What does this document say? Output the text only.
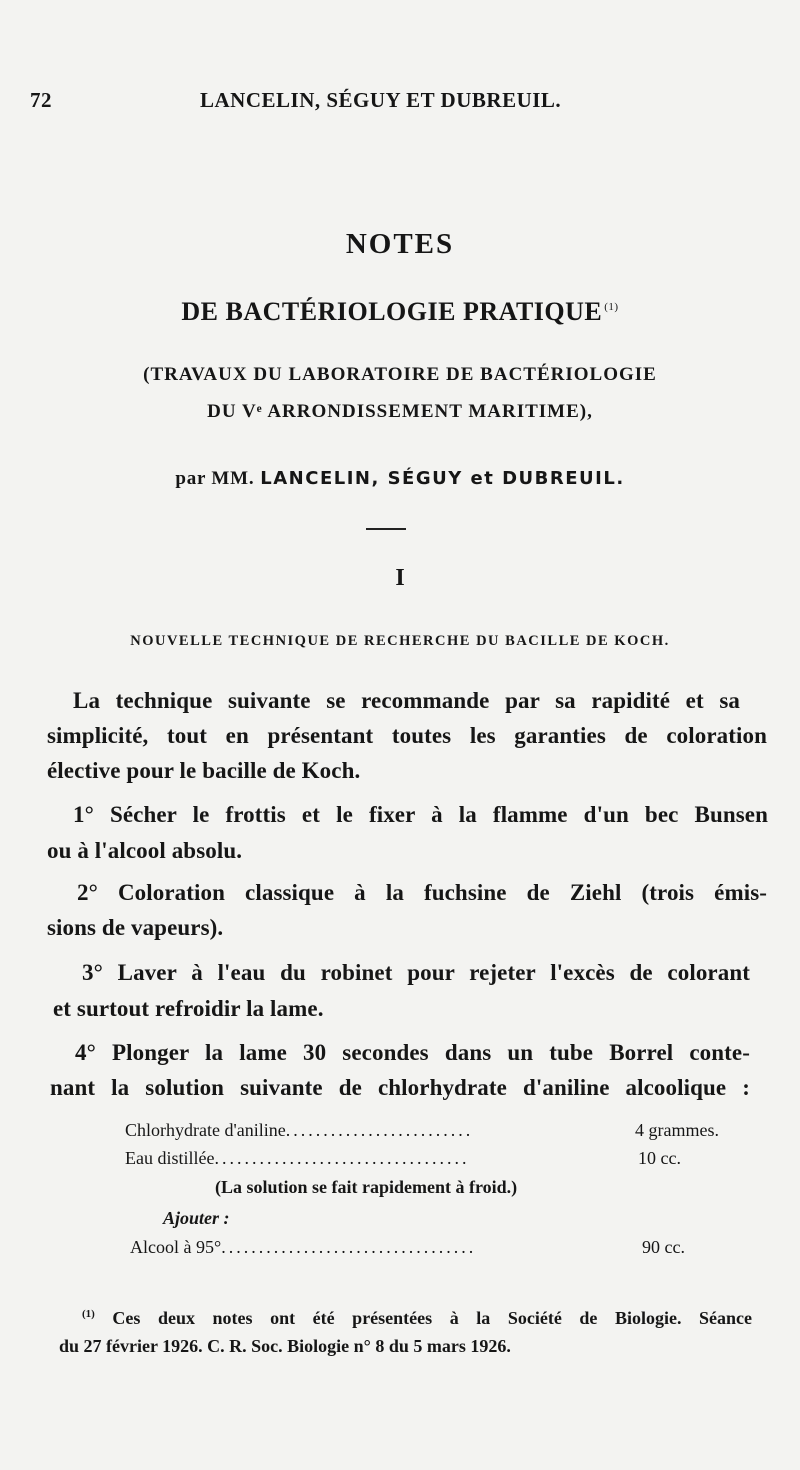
72	LANCELIN, SÉGUY ET DUBREUIL.
NOTES
DE BACTÉRIOLOGIE PRATIQUE $^{(1)}$
(TRAVAUX DU LABORATOIRE DE BACTÉRIOLOGIE
DU Vᵉ ARRONDISSEMENT MARITIME),
par MM. LANCELIN, SÉGUY et DUBREUIL.
I
NOUVELLE TECHNIQUE DE RECHERCHE DU BACILLE DE KOCH.
La technique suivante se recommande par sa rapidité et sa
simplicité, tout en présentant toutes les garanties de coloration
élective pour le bacille de Koch.
1° Sécher le frottis et le fixer à la flamme d'un bec Bunsen
ou à l'alcool absolu.
2° Coloration classique à la fuchsine de Ziehl (trois émis-
sions de vapeurs).
3° Laver à l'eau du robinet pour rejeter l'excès de colorant
et surtout refroidir la lame.
4° Plonger la lame 30 secondes dans un tube Borrel conte-
nant la solution suivante de chlorhydrate d'aniline alcoolique :
Chlorhydrate d'aniline.........................	4 grammes.
Eau distillée..................................	10 cc.
(La solution se fait rapidement à froid.)
Ajouter :
Alcool à 95°..................................	90 cc.
$^{(1)}$ Ces deux notes ont été présentées à la Société de Biologie. Séance
du 27 février 1926. C. R. Soc. Biologie n° 8 du 5 mars 1926.
